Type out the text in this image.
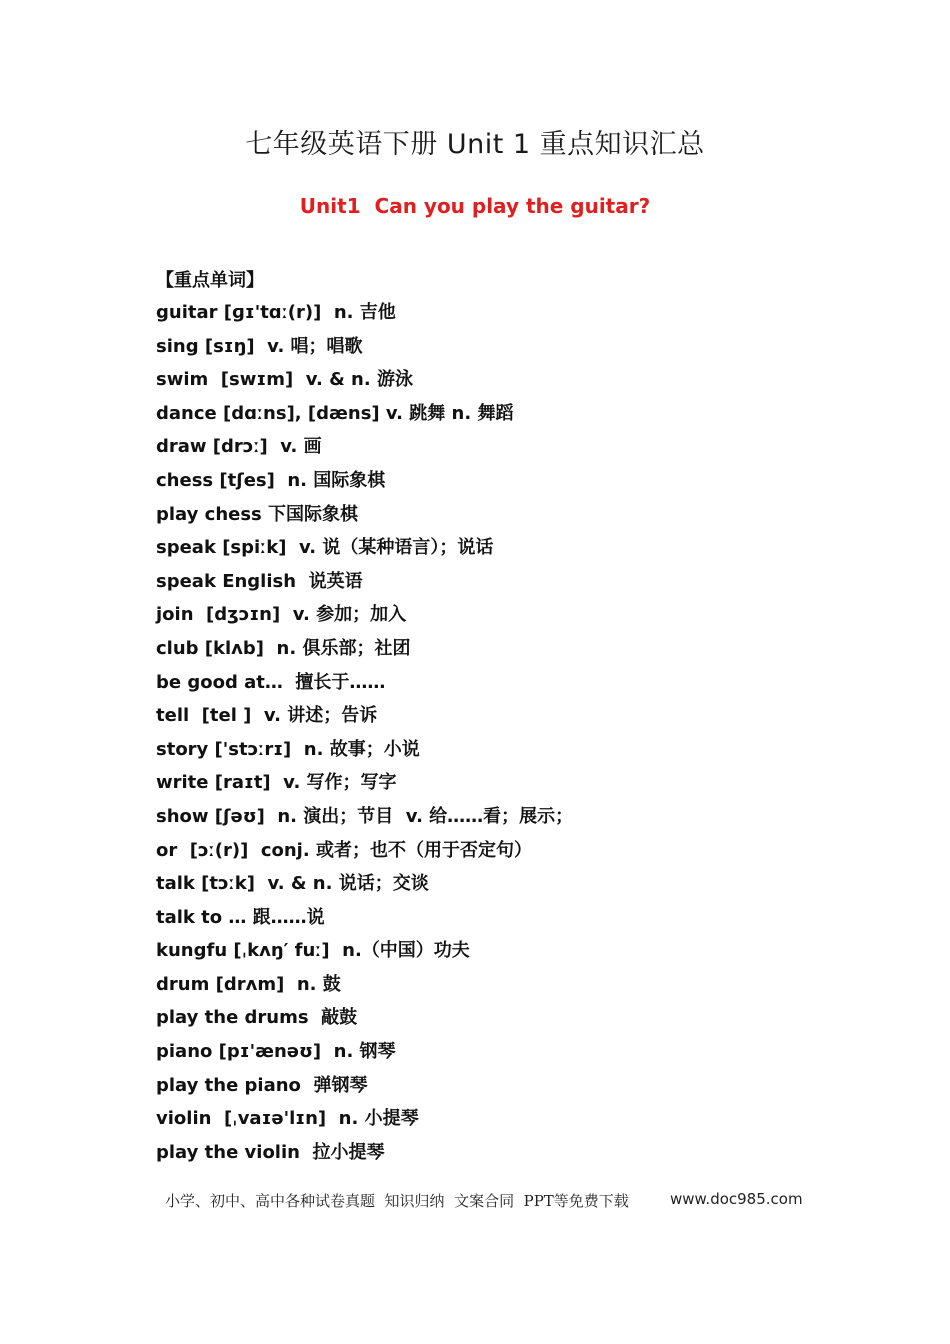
七年级英语下册 Unit 1 重点知识汇总
Unit1  Can you play the guitar?
【重点单词】
guitar [ɡɪ'tɑː(r)]  n. 吉他
sing [sɪŋ]  v. 唱；唱歌
swim  [swɪm]  v. & n. 游泳
dance [dɑːns], [dæns] v. 跳舞 n. 舞蹈
draw [drɔː]  v. 画
chess [tʃes]  n. 国际象棋
play chess 下国际象棋
speak [spiːk]  v. 说（某种语言）；说话
speak English  说英语
join  [dʒɔɪn]  v. 参加；加入
club [klʌb]  n. 俱乐部；社团
be good at…  擅长于……
tell  [tel ]  v. 讲述；告诉
story ['stɔːrɪ]  n. 故事；小说
write [raɪt]  v. 写作；写字
show [ʃəʊ]  n. 演出；节目  v. 给……看；展示；
or  [ɔː(r)]  conj. 或者；也不（用于否定句）
talk [tɔːk]  v. & n. 说话；交谈
talk to … 跟……说
kungfu [ˌkʌŋ′ fuː]  n.（中国）功夫
drum [drʌm]  n. 鼓
play the drums  敲鼓
piano [pɪ'ænəʊ]  n. 钢琴
play the piano  弹钢琴
violin  [ˌvaɪə'lɪn]  n. 小提琴
play the violin  拉小提琴
小学、初中、高中各种试卷真题  知识归纳  文案合同  PPT等免费下载	www.doc985.com
